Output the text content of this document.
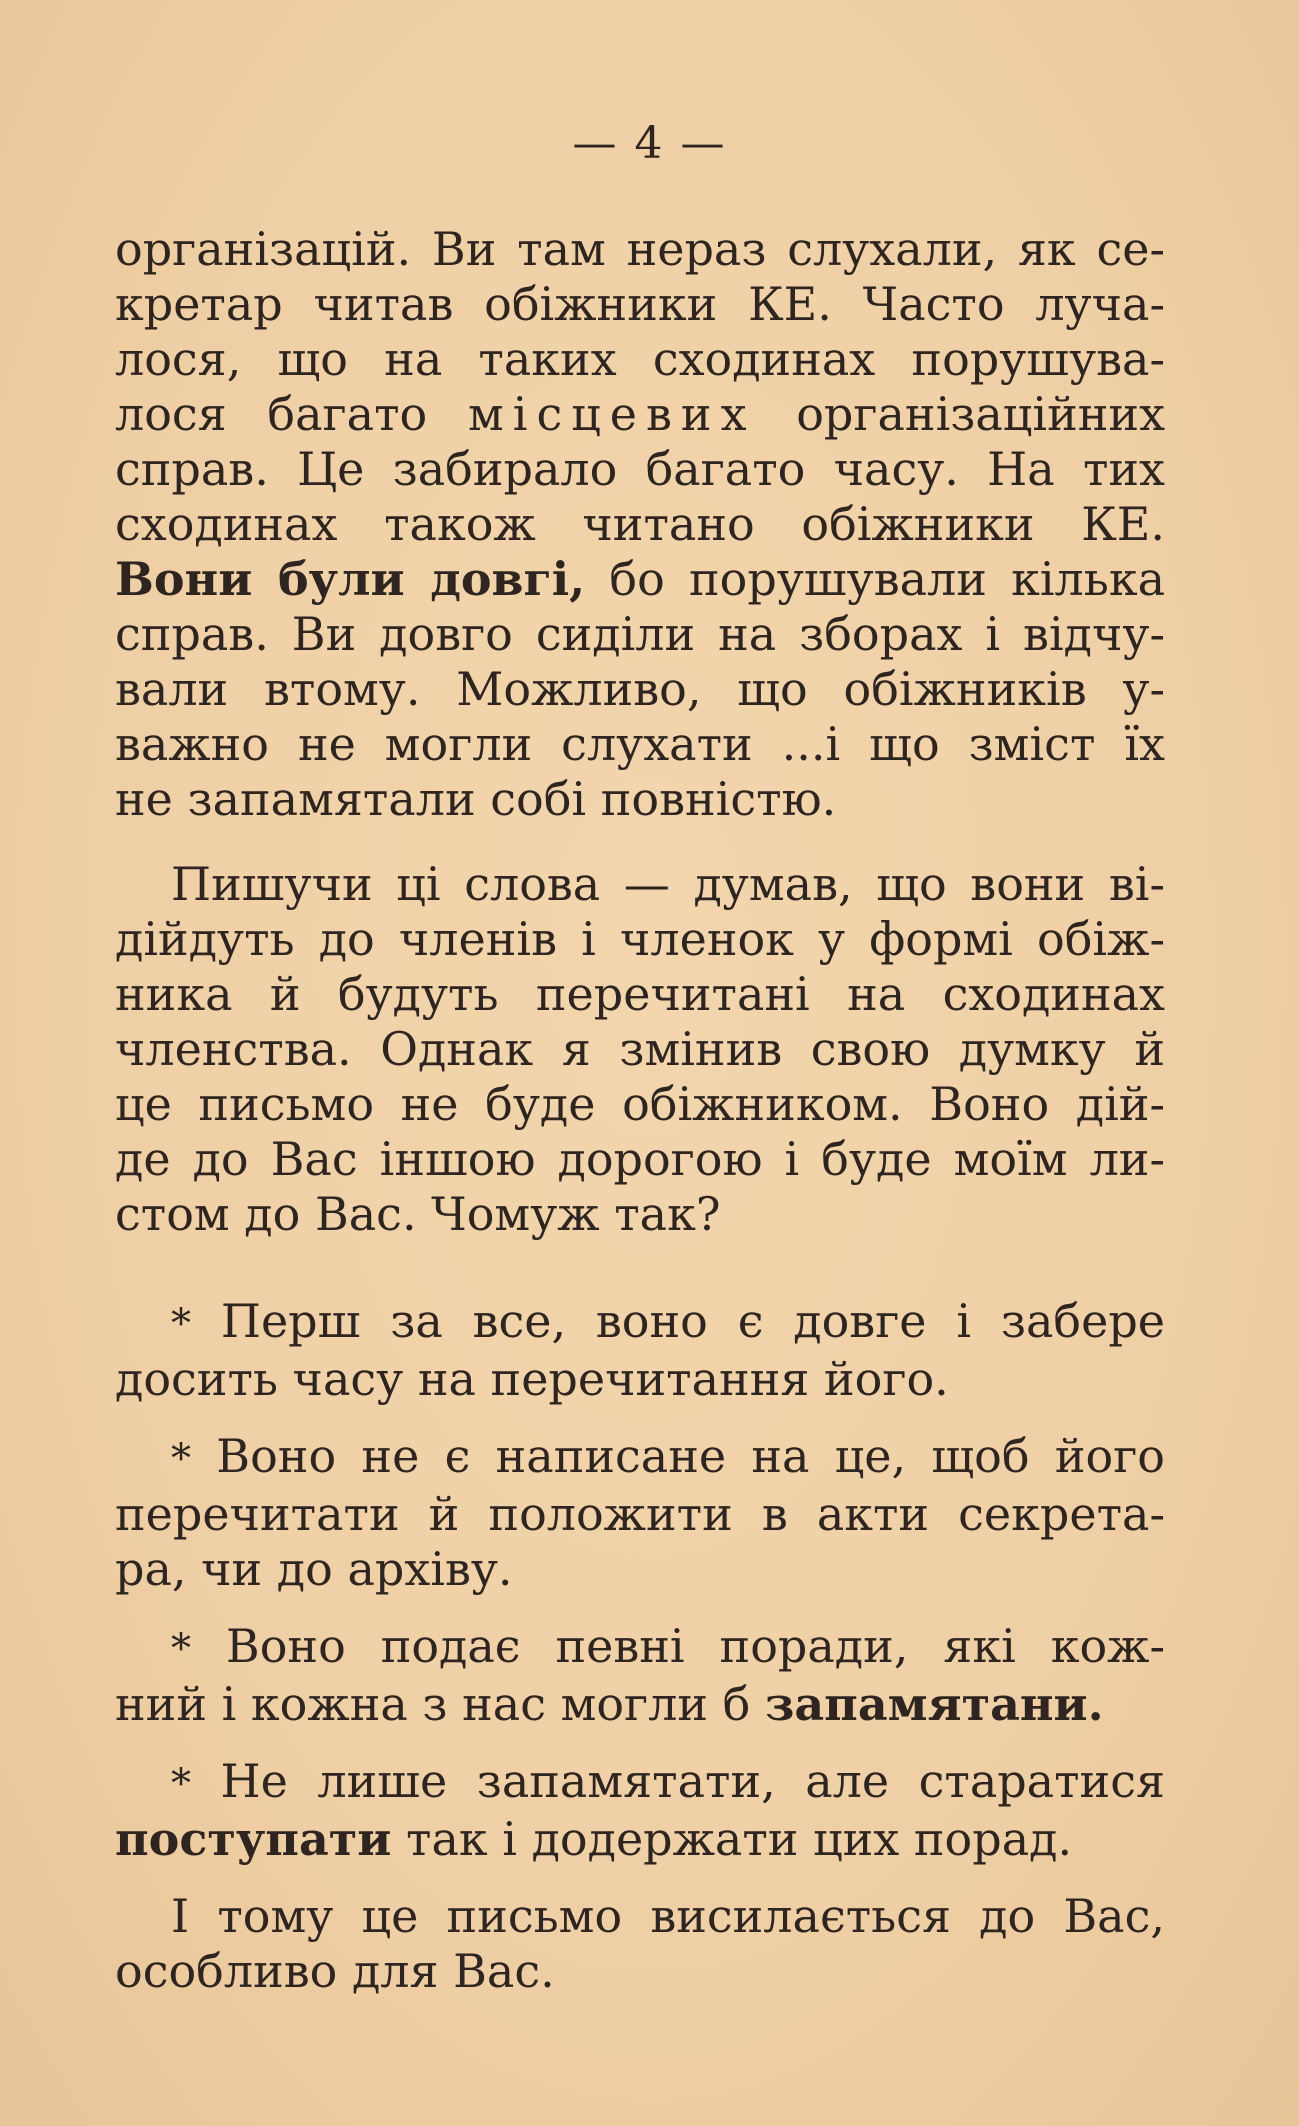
— 4 —
організацій. Ви там нераз слухали, як се-
кретар читав обіжники КЕ. Часто луча-
лося, що на таких сходинах порушува-
лося багато місцевих організаційних
справ. Це забирало багато часу. На тих
сходинах також читано обіжники КЕ.
Вони були довгі, бо порушували кілька
справ. Ви довго сиділи на зборах і відчу-
вали втому. Можливо, що обіжників у-
важно не могли слухати ...і що зміст їх
не запамятали собі повністю.
Пишучи ці слова — думав, що вони ві-
дійдуть до членів і членок у формі обіж-
ника й будуть перечитані на сходинах
членства. Однак я змінив свою думку й
це письмо не буде обіжником. Воно дій-
де до Вас іншою дорогою і буде моїм ли-
стом до Вас. Чомуж так?
* Перш за все, воно є довге і забере
досить часу на перечитання його.
* Воно не є написане на це, щоб його
перечитати й положити в акти секрета-
ра, чи до архіву.
* Воно подає певні поради, які кож-
ний і кожна з нас могли б запамятани.
* Не лише запамятати, але старатися
поступати так і додержати цих порад.
І тому це письмо висилається до Вас,
особливо для Вас.
